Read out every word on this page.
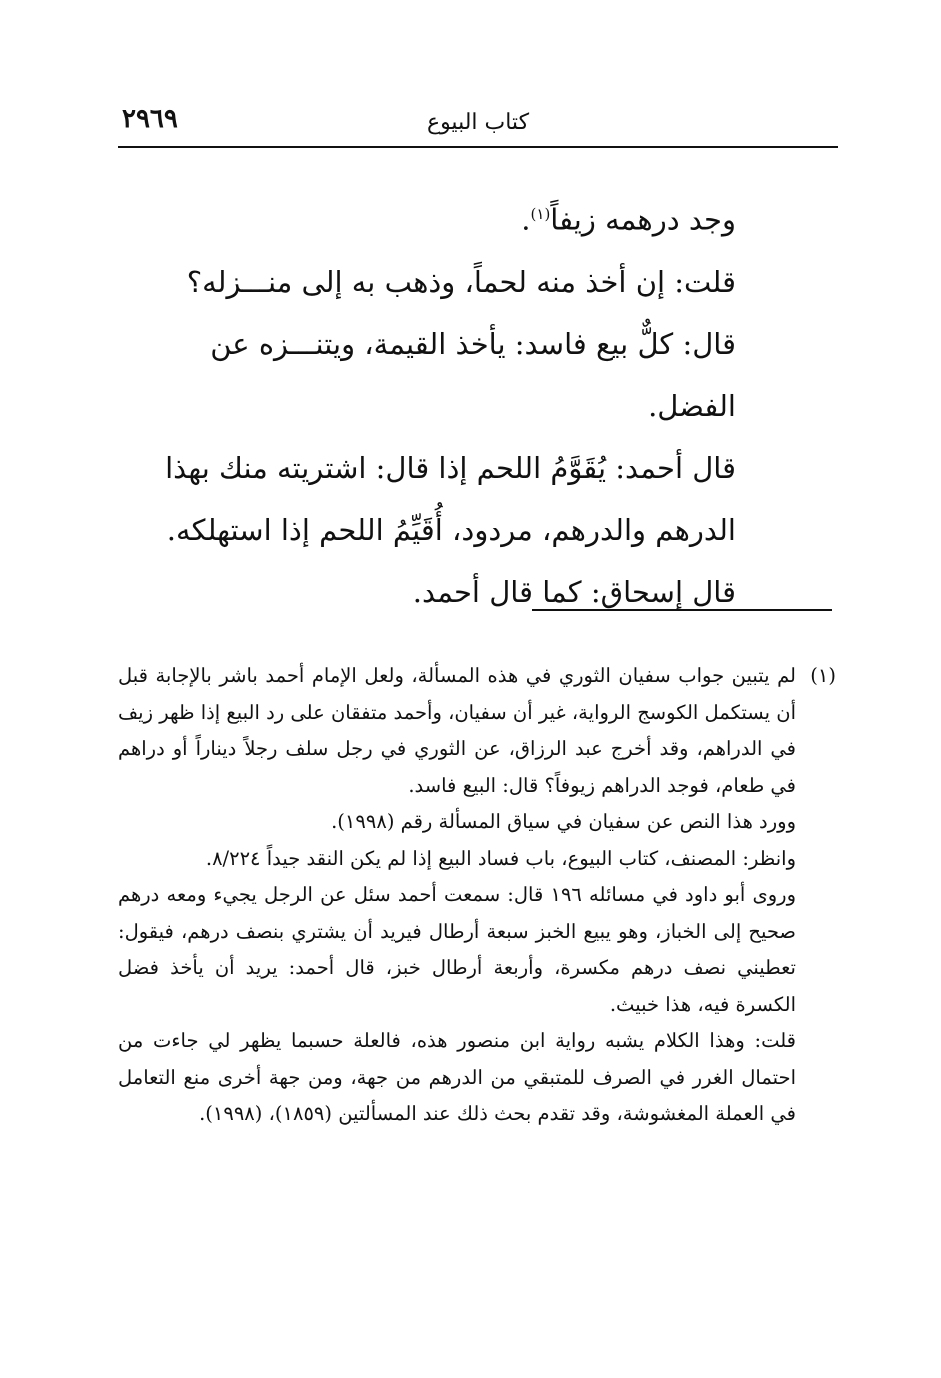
٢٩٦٩	كتاب البيوع

وجد درهمه زيفاً$^{(١)}$.

قلت: إن أخذ منه لحماً، وذهب به إلى منـــزله؟

قال: كلٌّ بيع فاسد: يأخذ القيمة، ويتنـــزه عن الفضل.

قال أحمد: يُقَوَّمُ اللحم إذا قال: اشتريته منك بهذا الدرهم والدرهم، مردود، أُقَيِّمُ اللحم إذا استهلكه.

قال إسحاق: كما قال أحمد.

(١)

لم يتبين جواب سفيان الثوري في هذه المسألة، ولعل الإمام أحمد باشر بالإجابة قبل أن يستكمل الكوسج الرواية، غير أن سفيان، وأحمد متفقان على رد البيع إذا ظهر زيف في الدراهم، وقد أخرج عبد الرزاق، عن الثوري في رجل سلف رجلاً ديناراً أو دراهم في طعام، فوجد الدراهم زيوفاً؟ قال: البيع فاسد.

وورد هذا النص عن سفيان في سياق المسألة رقم (١٩٩٨).

وانظر: المصنف، كتاب البيوع، باب فساد البيع إذا لم يكن النقد جيداً ٨/٢٢٤.

وروى أبو داود في مسائله ١٩٦ قال: سمعت أحمد سئل عن الرجل يجيء ومعه درهم صحيح إلى الخباز، وهو يبيع الخبز سبعة أرطال فيريد أن يشتري بنصف درهم، فيقول: تعطيني نصف درهم مكسرة، وأربعة أرطال خبز، قال أحمد: يريد أن يأخذ فضل الكسرة فيه، هذا خبيث.

قلت: وهذا الكلام يشبه رواية ابن منصور هذه، فالعلة حسبما يظهر لي جاءت من احتمال الغرر في الصرف للمتبقي من الدرهم من جهة، ومن جهة أخرى منع التعامل في العملة المغشوشة، وقد تقدم بحث ذلك عند المسألتين (١٨٥٩)، (١٩٩٨).
